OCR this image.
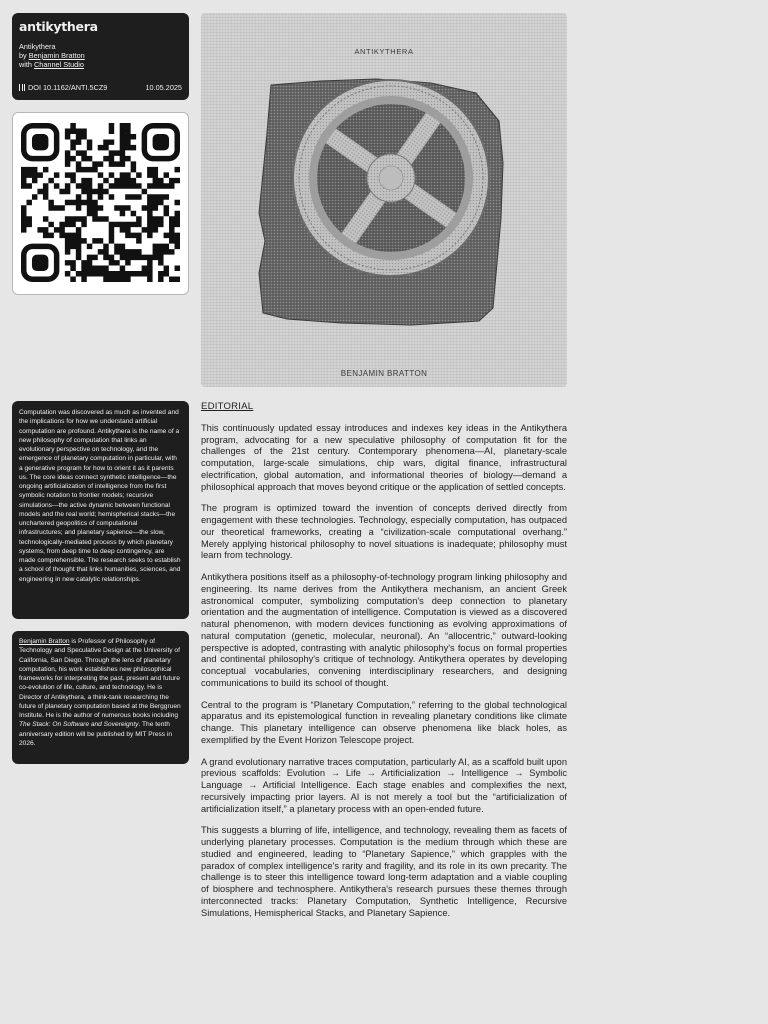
antikythera
Antikythera
by Benjamin Bratton
with Channel Studio
DOI 10.1162/ANTI.5CZ9	10.05.2025
ANTIKYTHERA
BENJAMIN BRATTON

Computation was discovered as much as invented and the implications for how we understand artificial computation are profound. Antikythera is the name of a new philosophy of computation that links an evolutionary perspective on technology, and the emergence of planetary computation in particular, with a generative program for how to orient it as it parents us. The core ideas connect synthetic intelligence—the ongoing artificialization of intelligence from the first symbolic notation to frontier models; recursive simulations—the active dynamic between functional models and the real world; hemispherical stacks—the unchartered geopolitics of computational infrastructures; and planetary sapience—the slow, technologically-mediated process by which planetary systems, from deep time to deep contingency, are made comprehensible. The research seeks to establish a school of thought that links humanities, sciences, and engineering in new catalytic relationships.

Benjamin Bratton is Professor of Philosophy of Technology and Speculative Design at the University of California, San Diego. Through the lens of planetary computation, his work establishes new philosophical frameworks for interpreting the past, present and future co-evolution of life, culture, and technology. He is Director of Antikythera, a think-tank researching the future of planetary computation based at the Berggruen Institute. He is the author of numerous books including The Stack: On Software and Sovereignty. The tenth anniversary edition will be published by MIT Press in 2026.

EDITORIAL

This continuously updated essay introduces and indexes key ideas in the Antikythera program, advocating for a new speculative philosophy of computation fit for the challenges of the 21st century. Contemporary phenomena—AI, planetary-scale computation, large-scale simulations, chip wars, digital finance, infrastructural electrification, global automation, and informational theories of biology—demand a philosophical approach that moves beyond critique or the application of settled concepts.

The program is optimized toward the invention of concepts derived directly from engagement with these technologies. Technology, especially computation, has outpaced our theoretical frameworks, creating a “civilization-scale computational overhang.” Merely applying historical philosophy to novel situations is inadequate; philosophy must learn from technology.

Antikythera positions itself as a philosophy-of-technology program linking philosophy and engineering. Its name derives from the Antikythera mechanism, an ancient Greek astronomical computer, symbolizing computation's deep connection to planetary orientation and the augmentation of intelligence. Computation is viewed as a discovered natural phenomenon, with modern devices functioning as evolving approximations of natural computation (genetic, molecular, neuronal). An “allocentric,” outward-looking perspective is adopted, contrasting with analytic philosophy's focus on formal properties and continental philosophy's critique of technology. Antikythera operates by developing conceptual vocabularies, convening interdisciplinary researchers, and designing communications to build its school of thought.

Central to the program is “Planetary Computation,” referring to the global technological apparatus and its epistemological function in revealing planetary conditions like climate change. This planetary intelligence can observe phenomena like black holes, as exemplified by the Event Horizon Telescope project.

A grand evolutionary narrative traces computation, particularly AI, as a scaffold built upon previous scaffolds: Evolution → Life → Artificialization → Intelligence → Symbolic Language → Artificial Intelligence. Each stage enables and complexifies the next, recursively impacting prior layers. AI is not merely a tool but the “artificialization of artificialization itself,” a planetary process with an open-ended future.

This suggests a blurring of life, intelligence, and technology, revealing them as facets of underlying planetary processes. Computation is the medium through which these are studied and engineered, leading to “Planetary Sapience,” which grapples with the paradox of complex intelligence's rarity and fragility, and its role in its own precarity. The challenge is to steer this intelligence toward long-term adaptation and a viable coupling of biosphere and technosphere. Antikythera's research pursues these themes through interconnected tracks: Planetary Computation, Synthetic Intelligence, Recursive Simulations, Hemispherical Stacks, and Planetary Sapience.
